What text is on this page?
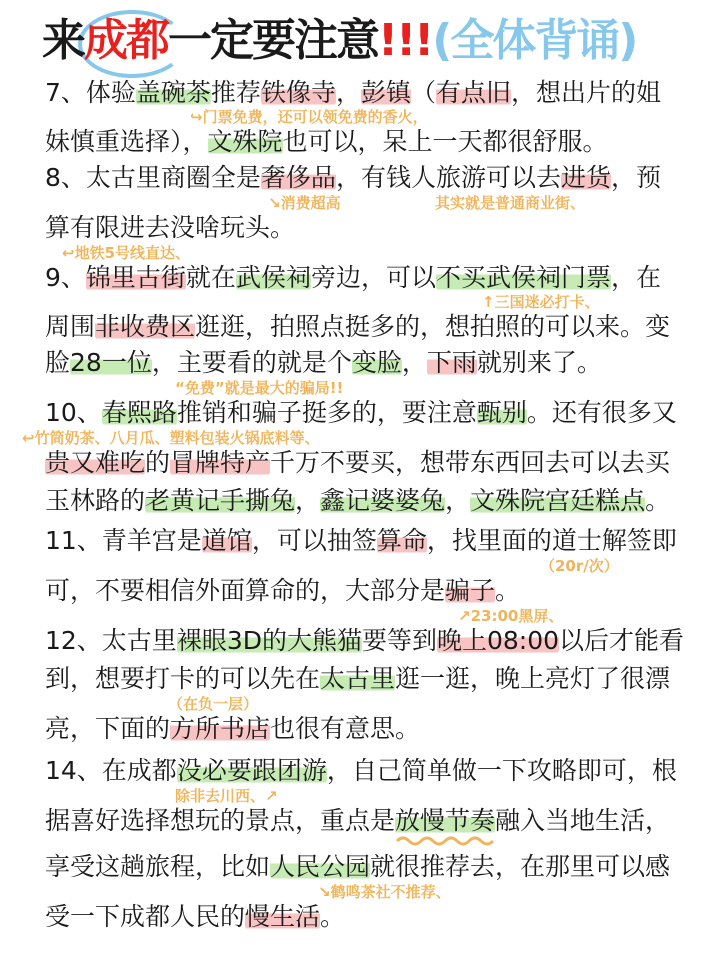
来成都一定要注意!!!(全体背诵)
7、体验盖碗茶推荐铁像寺，彭镇（有点旧，想出片的姐
妹慎重选择），文殊院也可以，呆上一天都很舒服。
8、太古里商圈全是奢侈品，有钱人旅游可以去进货，预
算有限进去没啥玩头。
9、锦里古街就在武侯祠旁边，可以不买武侯祠门票，在
周围非收费区逛逛，拍照点挺多的，想拍照的可以来。变
脸28一位，主要看的就是个变脸，下雨就别来了。
10、春熙路推销和骗子挺多的，要注意甄别。还有很多又
贵又难吃的冒牌特产千万不要买，想带东西回去可以去买
玉林路的老黄记手撕兔，鑫记婆婆兔，文殊院宫廷糕点。
11、青羊宫是道馆，可以抽签算命，找里面的道士解签即
可，不要相信外面算命的，大部分是骗子。
12、太古里裸眼3D的大熊猫要等到晚上08:00以后才能看
到，想要打卡的可以先在太古里逛一逛，晚上亮灯了很漂
亮，下面的方所书店也很有意思。
14、在成都没必要跟团游，自己简单做一下攻略即可，根
据喜好选择想玩的景点，重点是放慢节奏融入当地生活，
享受这趟旅程，比如人民公园就很推荐去，在那里可以感
受一下成都人民的慢生活。
↪门票免费，还可以领免费的香火，
↘消费超高	其实就是普通商业街、
↩地铁5号线直达、
↑三国迷必打卡、
“免费”就是最大的骗局!!
↩竹筒奶茶、八月瓜、塑料包装火锅底料等、
（20r/次）
↗23:00黑屏、
（在负一层）
除非去川西、↗
↘鹤鸣茶社不推荐、
